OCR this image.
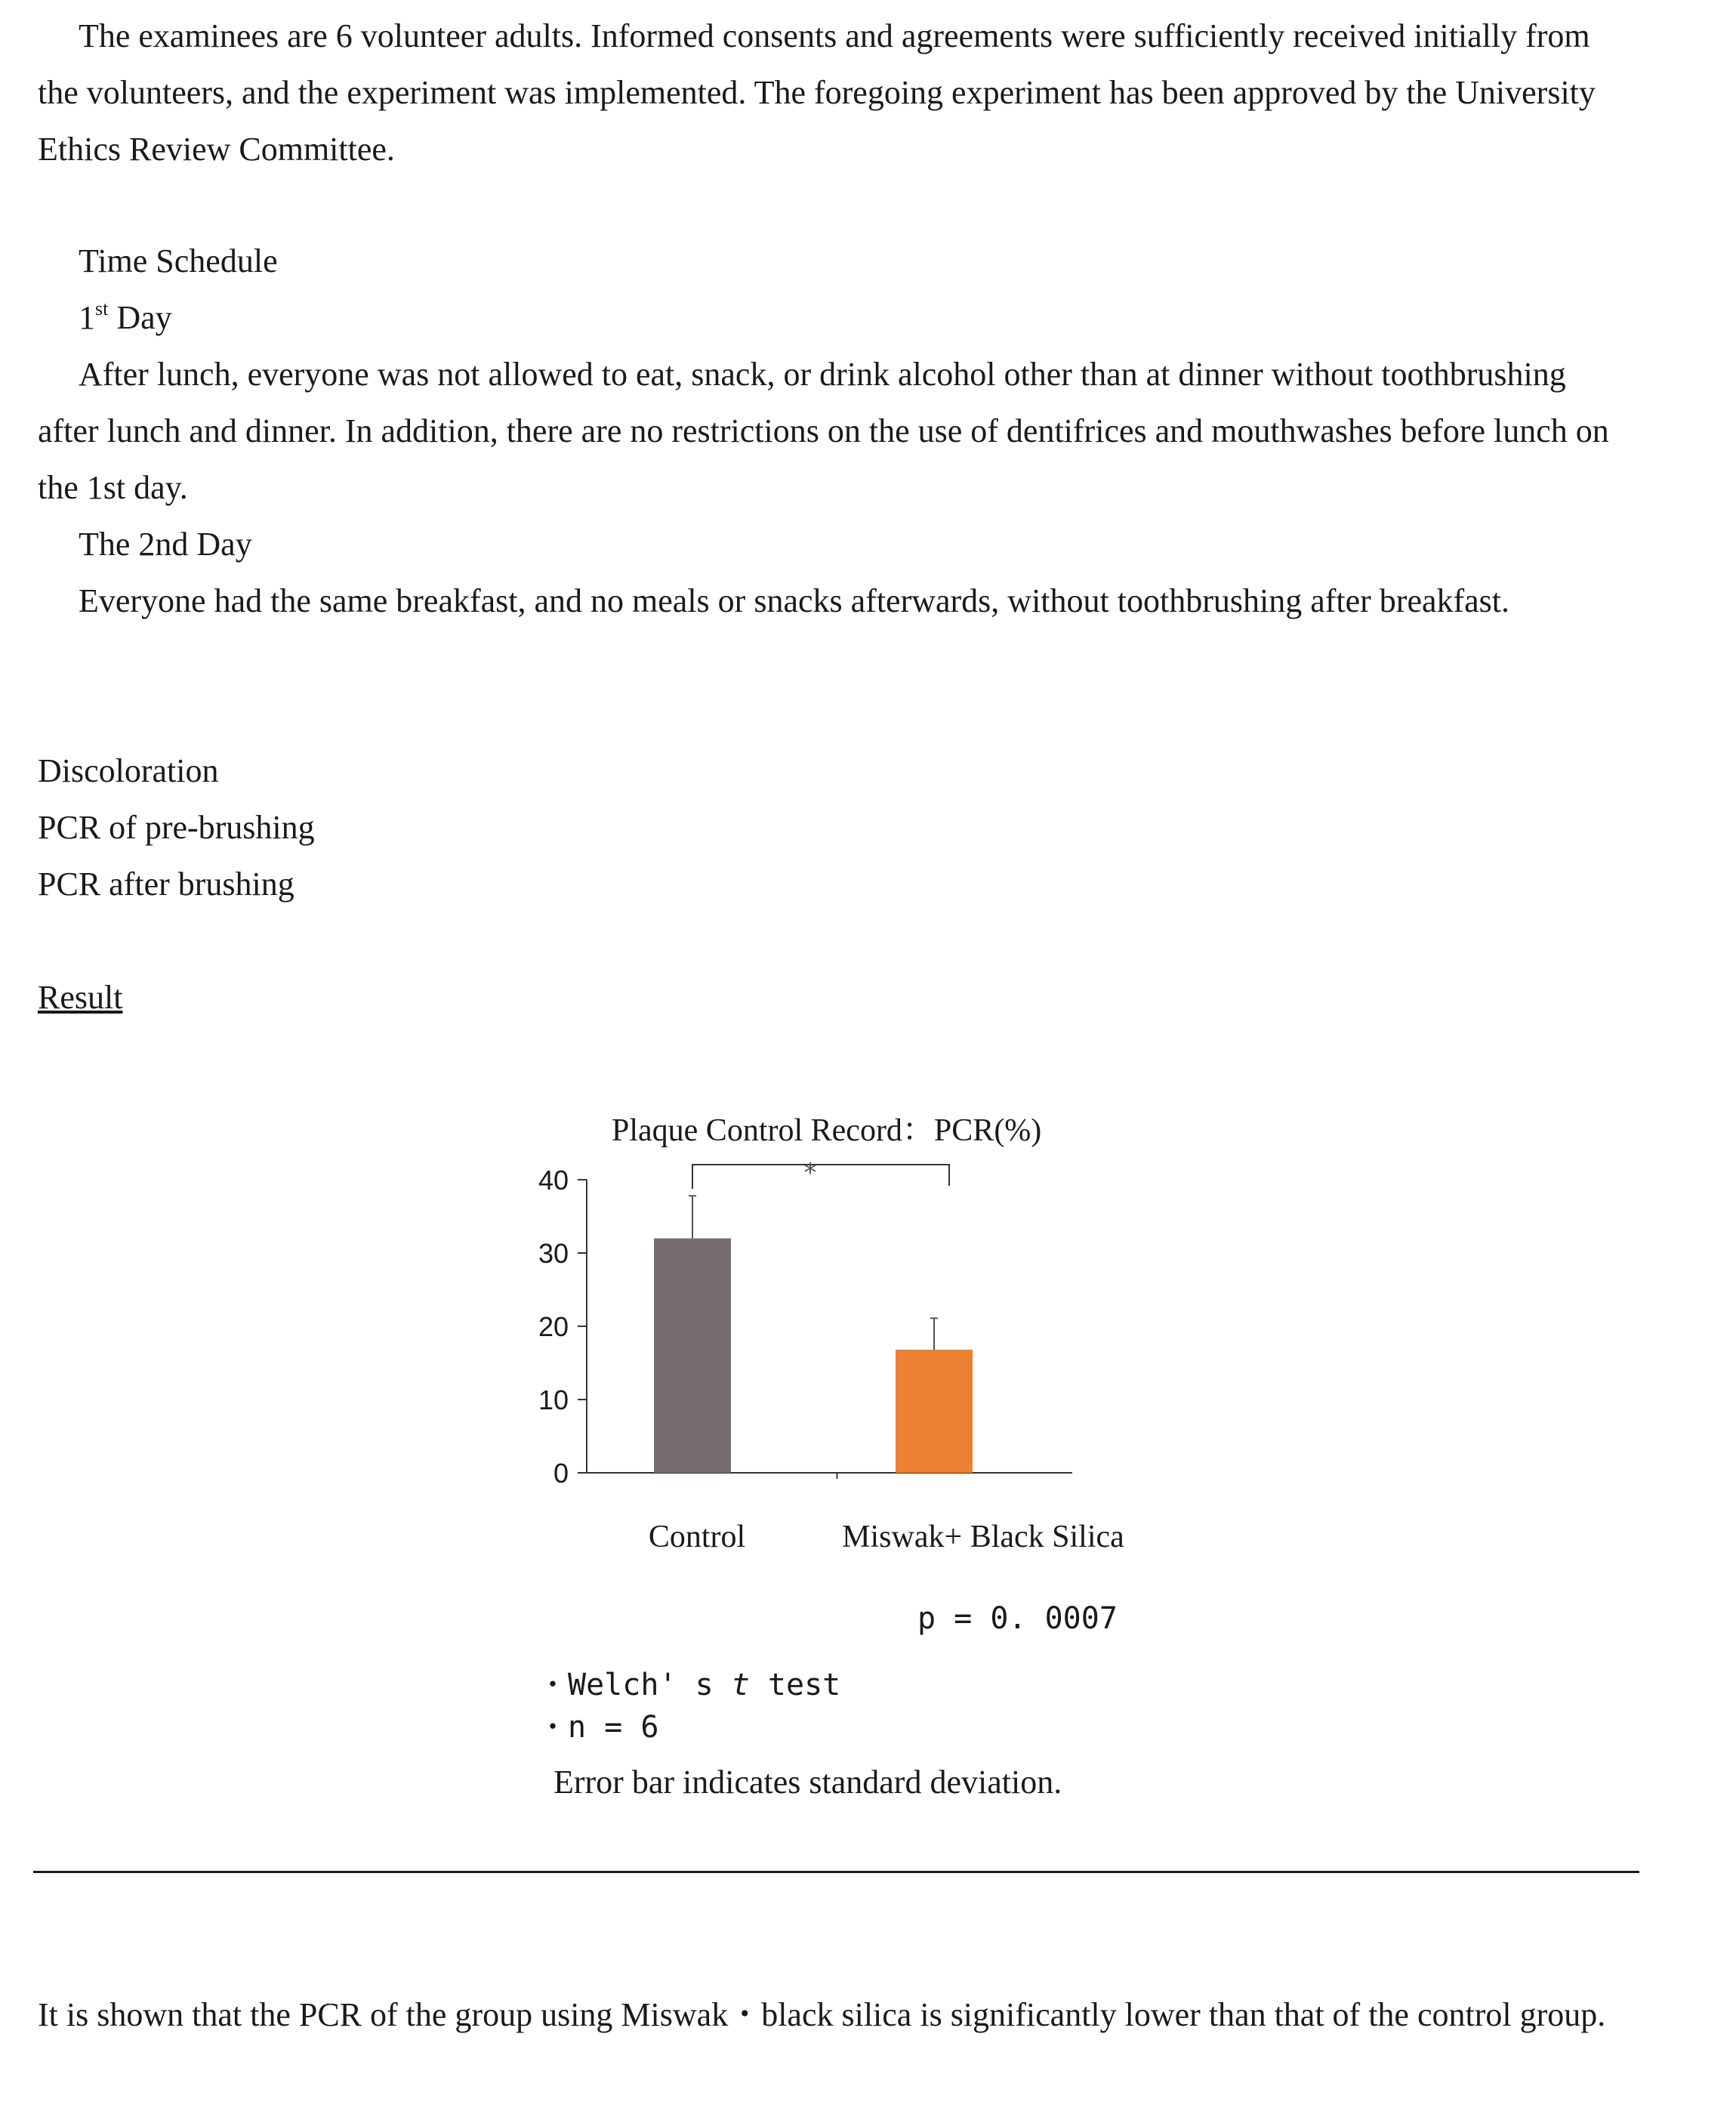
The examinees are 6 volunteer adults. Informed consents and agreements were sufficiently received initially from the volunteers, and the experiment was implemented. The foregoing experiment has been approved by the University Ethics Review Committee.

Time Schedule

1st Day

After lunch, everyone was not allowed to eat, snack, or drink alcohol other than at dinner without toothbrushing after lunch and dinner. In addition, there are no restrictions on the use of dentifrices and mouthwashes before lunch on the 1st day.

The 2nd Day

Everyone had the same breakfast, and no meals or snacks afterwards, without toothbrushing after breakfast.

Discoloration

PCR of pre-brushing

PCR after brushing

Result

Plaque Control Record：PCR(%)
0
10
20
30
40	*
Control	Miswak+ Black Silica
p = 0. 0007
・Welch' s t test
・n = 6
Error bar indicates standard deviation.

It is shown that the PCR of the group using Miswak・black silica is significantly lower than that of the control group.
